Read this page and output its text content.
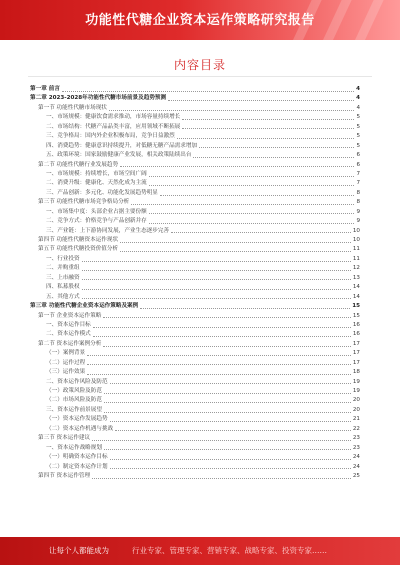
功能性代糖企业资本运作策略研究报告
内容目录
第一章 前言	4
第二章 2023-2028年功能性代糖市场前景及趋势预测	4
第一节 功能性代糖市场现状	4
一、市场规模：健康饮食需求推动，市场容量持续增长	5
二、市场结构：代糖产品品类丰富，应用领域不断拓展	5
三、竞争格局：国内外企业积极布局，竞争日益激烈	5
四、消费趋势：健康意识持续提升，对低糖无糖产品需求增加	5
五、政策环境：国家鼓励健康产业发展，相关政策陆续出台	6
第二节 功能性代糖行业发展趋势	6
一、市场规模：持续增长，市场空间广阔	7
二、消费升级：健康化、天然化成为主流	7
三、产品创新：多元化、功能化发展趋势明显	8
第三节 功能性代糖市场竞争格局分析	8
一、市场集中度：头部企业占据主要份额	9
二、竞争方式：价格竞争与产品创新并存	9
三、产业链：上下游协同发展，产业生态逐步完善	10
第四节 功能性代糖资本运作现状	10
第五节 功能性代糖投资价值分析	11
一、行业投资	11
二、并购重组	12
三、上市融资	13
四、私募股权	14
五、其他方式	14
第三章 功能性代糖企业资本运作策略及案例	15
第一节 企业资本运作策略	15
一、资本运作目标	16
二、资本运作模式	16
第二节 资本运作案例分析	17
（一）案例背景	17
（二）运作过程	17
（三）运作效果	18
二、资本运作风险及防范	19
（一）政策风险及防范	19
（二）市场风险及防范	20
三、资本运作前景展望	20
（一）资本运作发展趋势	21
（二）资本运作机遇与挑战	22
第三节 资本运作建议	23
一、资本运作战略规划	23
（一）明确资本运作目标	24
（二）制定资本运作计划	24
第四节 资本运作管理	25
让每个人都能成为	行业专家、管理专家、营销专家、战略专家、投资专家……
